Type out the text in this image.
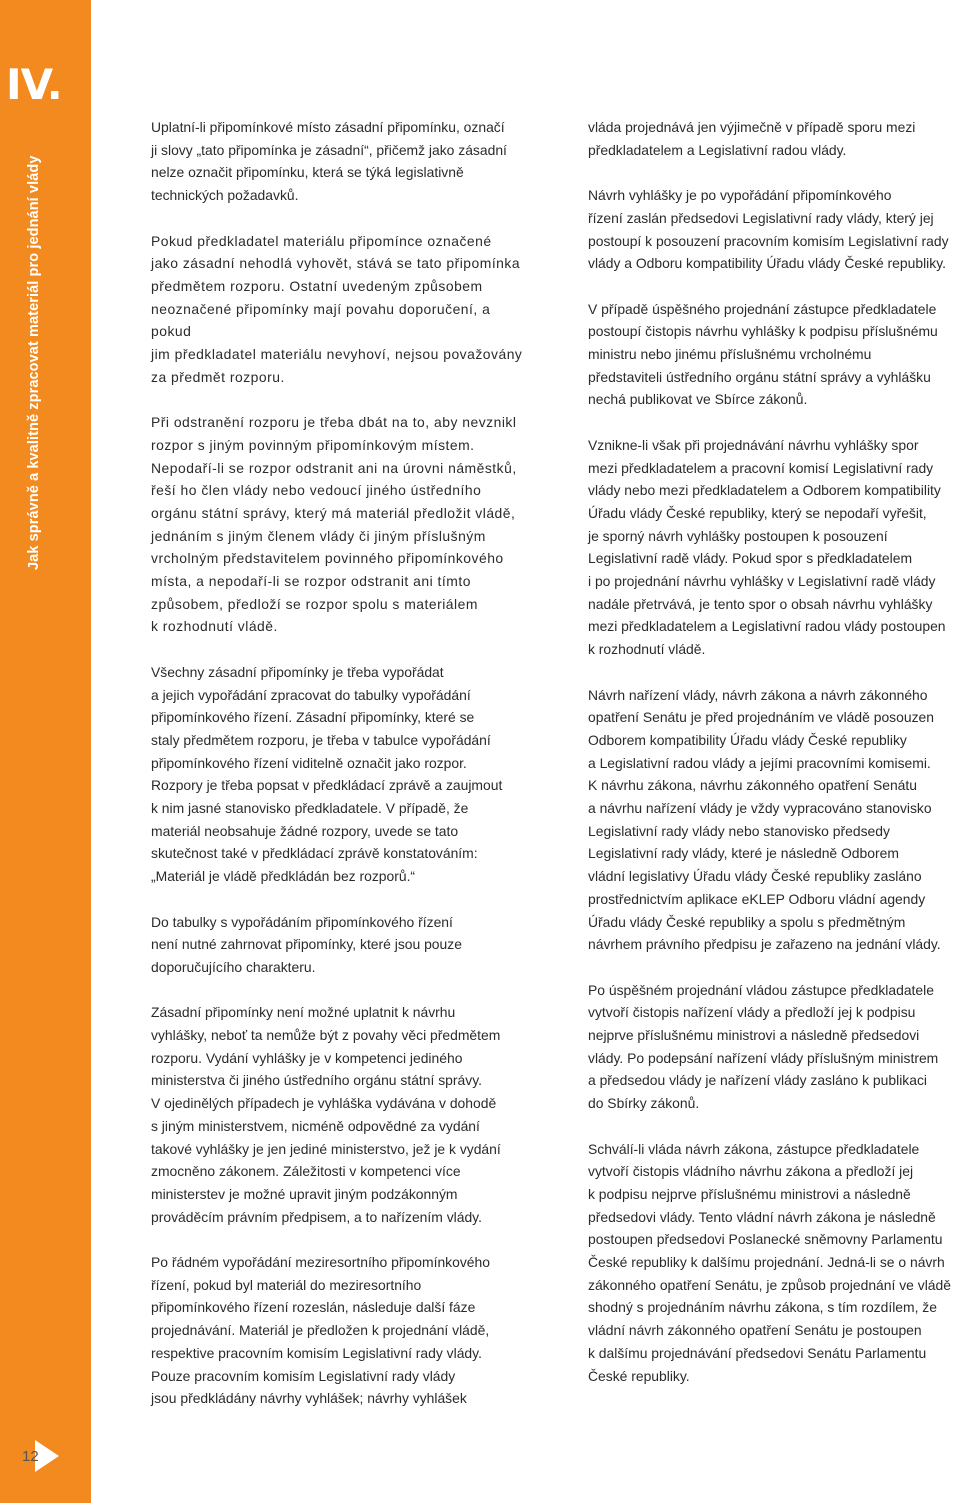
IV.
Jak správně a kvalitně zpracovat materiál pro jednání vlády
12

Uplatní-li připomínkové místo zásadní připomínku, označí
ji slovy „tato připomínka je zásadní“, přičemž jako zásadní
nelze označit připomínku, která se týká legislativně
technických požadavků.

Pokud předkladatel materiálu připomínce označené
jako zásadní nehodlá vyhovět, stává se tato připomínka
předmětem rozporu. Ostatní uvedeným způsobem
neoznačené připomínky mají povahu doporučení, a pokud
jim předkladatel materiálu nevyhoví, nejsou považovány
za předmět rozporu.

Při odstranění rozporu je třeba dbát na to, aby nevznikl
rozpor s jiným povinným připomínkovým místem.
Nepodaří-li se rozpor odstranit ani na úrovni náměstků,
řeší ho člen vlády nebo vedoucí jiného ústředního
orgánu státní správy, který má materiál předložit vládě,
jednáním s jiným členem vlády či jiným příslušným
vrcholným představitelem povinného připomínkového
místa, a nepodaří-li se rozpor odstranit ani tímto
způsobem, předloží se rozpor spolu s materiálem
k rozhodnutí vládě.

Všechny zásadní připomínky je třeba vypořádat
a jejich vypořádání zpracovat do tabulky vypořádání
připomínkového řízení. Zásadní připomínky, které se
staly předmětem rozporu, je třeba v tabulce vypořádání
připomínkového řízení viditelně označit jako rozpor.
Rozpory je třeba popsat v předkládací zprávě a zaujmout
k nim jasné stanovisko předkladatele. V případě, že
materiál neobsahuje žádné rozpory, uvede se tato
skutečnost také v předkládací zprávě konstatováním:
„Materiál je vládě předkládán bez rozporů.“

Do tabulky s vypořádáním připomínkového řízení
není nutné zahrnovat připomínky, které jsou pouze
doporučujícího charakteru.

Zásadní připomínky není možné uplatnit k návrhu
vyhlášky, neboť ta nemůže být z povahy věci předmětem
rozporu. Vydání vyhlášky je v kompetenci jediného
ministerstva či jiného ústředního orgánu státní správy.
V ojedinělých případech je vyhláška vydávána v dohodě
s jiným ministerstvem, nicméně odpovědné za vydání
takové vyhlášky je jen jediné ministerstvo, jež je k vydání
zmocněno zákonem. Záležitosti v kompetenci více
ministerstev je možné upravit jiným podzákonným
prováděcím právním předpisem, a to nařízením vlády.

Po řádném vypořádání meziresortního připomínkového
řízení, pokud byl materiál do meziresortního
připomínkového řízení rozeslán, následuje další fáze
projednávání. Materiál je předložen k projednání vládě,
respektive pracovním komisím Legislativní rady vlády.
Pouze pracovním komisím Legislativní rady vlády
jsou předkládány návrhy vyhlášek; návrhy vyhlášek

vláda projednává jen výjimečně v případě sporu mezi
předkladatelem a Legislativní radou vlády.

Návrh vyhlášky je po vypořádání připomínkového
řízení zaslán předsedovi Legislativní rady vlády, který jej
postoupí k posouzení pracovním komisím Legislativní rady
vlády a Odboru kompatibility Úřadu vlády České republiky.

V případě úspěšného projednání zástupce předkladatele
postoupí čistopis návrhu vyhlášky k podpisu příslušnému
ministru nebo jinému příslušnému vrcholnému
představiteli ústředního orgánu státní správy a vyhlášku
nechá publikovat ve Sbírce zákonů.

Vznikne-li však při projednávání návrhu vyhlášky spor
mezi předkladatelem a pracovní komisí Legislativní rady
vlády nebo mezi předkladatelem a Odborem kompatibility
Úřadu vlády České republiky, který se nepodaří vyřešit,
je sporný návrh vyhlášky postoupen k posouzení
Legislativní radě vlády. Pokud spor s předkladatelem
i po projednání návrhu vyhlášky v Legislativní radě vlády
nadále přetrvává, je tento spor o obsah návrhu vyhlášky
mezi předkladatelem a Legislativní radou vlády postoupen
k rozhodnutí vládě.

Návrh nařízení vlády, návrh zákona a návrh zákonného
opatření Senátu je před projednáním ve vládě posouzen
Odborem kompatibility Úřadu vlády České republiky
a Legislativní radou vlády a jejími pracovními komisemi.
K návrhu zákona, návrhu zákonného opatření Senátu
a návrhu nařízení vlády je vždy vypracováno stanovisko
Legislativní rady vlády nebo stanovisko předsedy
Legislativní rady vlády, které je následně Odborem
vládní legislativy Úřadu vlády České republiky zasláno
prostřednictvím aplikace eKLEP Odboru vládní agendy
Úřadu vlády České republiky a spolu s předmětným
návrhem právního předpisu je zařazeno na jednání vlády.

Po úspěšném projednání vládou zástupce předkladatele
vytvoří čistopis nařízení vlády a předloží jej k podpisu
nejprve příslušnému ministrovi a následně předsedovi
vlády. Po podepsání nařízení vlády příslušným ministrem
a předsedou vlády je nařízení vlády zasláno k publikaci
do Sbírky zákonů.

Schválí-li vláda návrh zákona, zástupce předkladatele
vytvoří čistopis vládního návrhu zákona a předloží jej
k podpisu nejprve příslušnému ministrovi a následně
předsedovi vlády. Tento vládní návrh zákona je následně
postoupen předsedovi Poslanecké sněmovny Parlamentu
České republiky k dalšímu projednání. Jedná-li se o návrh
zákonného opatření Senátu, je způsob projednání ve vládě
shodný s projednáním návrhu zákona, s tím rozdílem, že
vládní návrh zákonného opatření Senátu je postoupen
k dalšímu projednávání předsedovi Senátu Parlamentu
České republiky.
